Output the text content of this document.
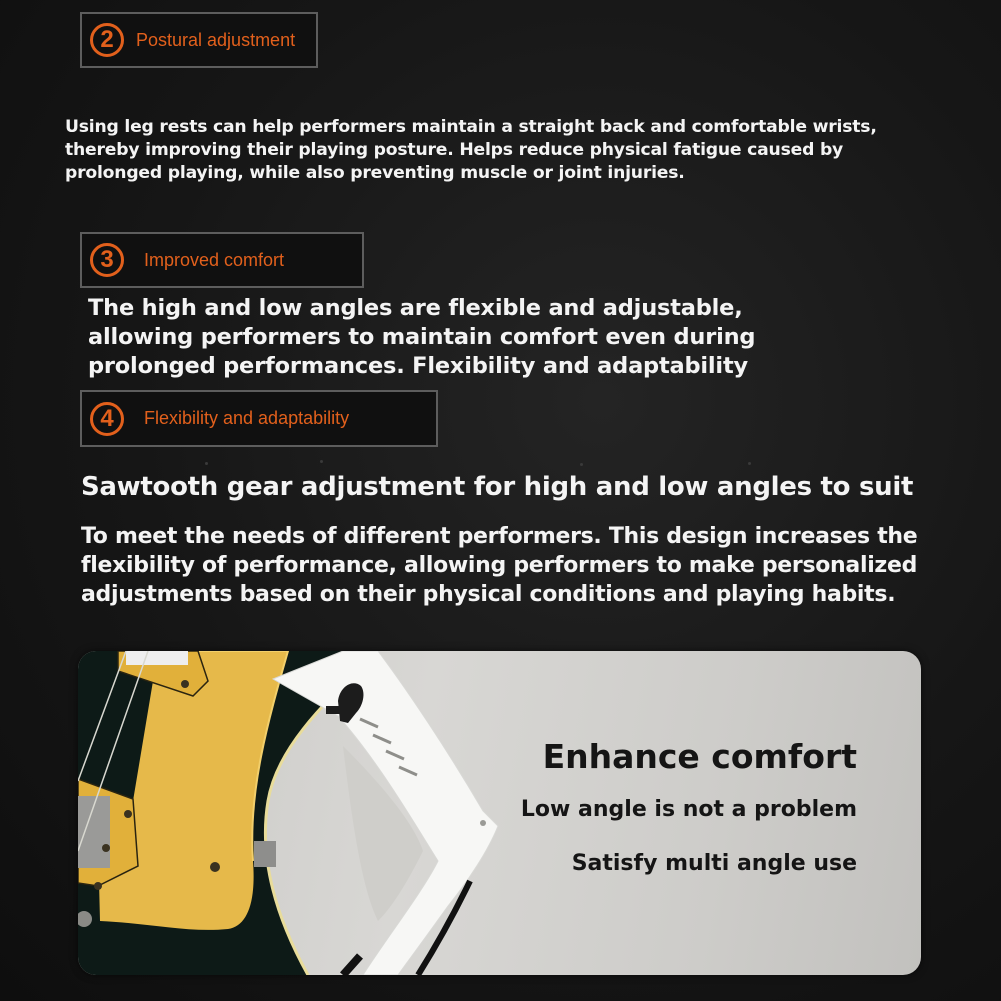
2	Postural adjustment
Using leg rests can help performers maintain a straight back and comfortable wrists,
thereby improving their playing posture. Helps reduce physical fatigue caused by
prolonged playing, while also preventing muscle or joint injuries.
3	Improved comfort
The high and low angles are flexible and adjustable,
allowing performers to maintain comfort even during
prolonged performances. Flexibility and adaptability
4	Flexibility and adaptability
Sawtooth gear adjustment for high and low angles to suit
To meet the needs of different performers. This design increases the
flexibility of performance, allowing performers to make personalized
adjustments based on their physical conditions and playing habits.
Enhance comfort
Low angle is not a problem
Satisfy multi angle use
